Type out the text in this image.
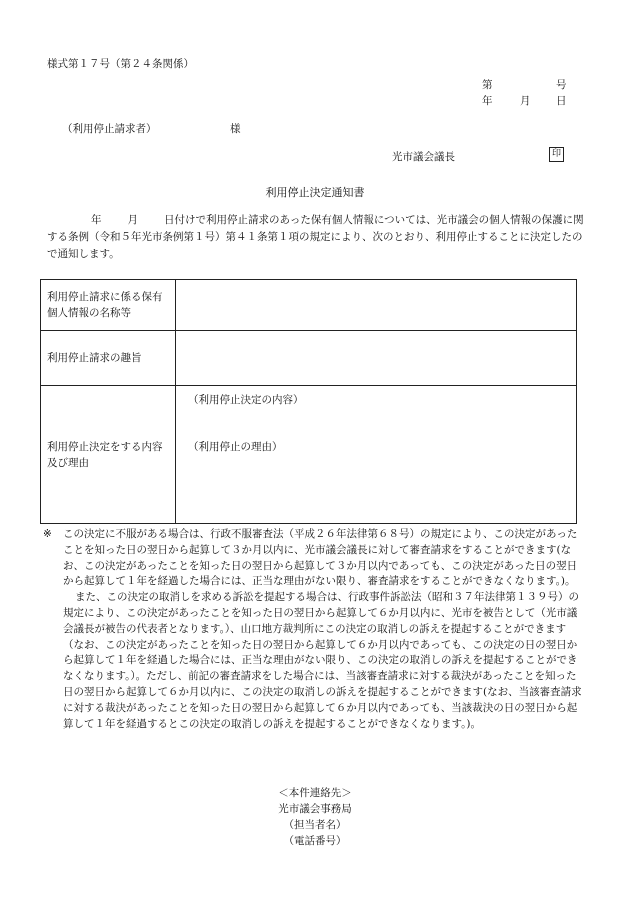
様式第１７号（第２４条関係）
第	号
年	月 日
（利用停止請求者）	様
光市議会議長	印
利用停止決定通知書
年 月 日付けで利用停止請求のあった保有個人情報については、光市議会の個人情報の保護に関する条例（令和５年光市条例第１号）第４１条第１項の規定により、次のとおり、利用停止することに決定したので通知します。
利用停止請求に係る保有個人情報の名称等	
利用停止請求の趣旨	
利用停止決定をする内容及び理由	（利用停止決定の内容）
（利用停止の理由）

※ この決定に不服がある場合は、行政不服審査法（平成２６年法律第６８号）の規定により、この決定があったことを知った日の翌日から起算して３か月以内に、光市議会議長に対して審査請求をすることができます(なお、この決定があったことを知った日の翌日から起算して３か月以内であっても、この決定があった日の翌日から起算して１年を経過した場合には、正当な理由がない限り、審査請求をすることができなくなります。)。

また、この決定の取消しを求める訴訟を提起する場合は、行政事件訴訟法（昭和３７年法律第１３９号）の規定により、この決定があったことを知った日の翌日から起算して６か月以内に、光市を被告として（光市議会議長が被告の代表者となります。）、山口地方裁判所にこの決定の取消しの訴えを提起することができます（なお、この決定があったことを知った日の翌日から起算して６か月以内であっても、この決定の日の翌日から起算して１年を経過した場合には、正当な理由がない限り、この決定の取消しの訴えを提起することができなくなります。）。ただし、前記の審査請求をした場合には、当該審査請求に対する裁決があったことを知った日の翌日から起算して６か月以内に、この決定の取消しの訴えを提起することができます(なお、当該審査請求に対する裁決があったことを知った日の翌日から起算して６か月以内であっても、当該裁決の日の翌日から起算して１年を経過するとこの決定の取消しの訴えを提起することができなくなります。)。

＜本件連絡先＞
光市議会事務局
（担当者名）
（電話番号）
